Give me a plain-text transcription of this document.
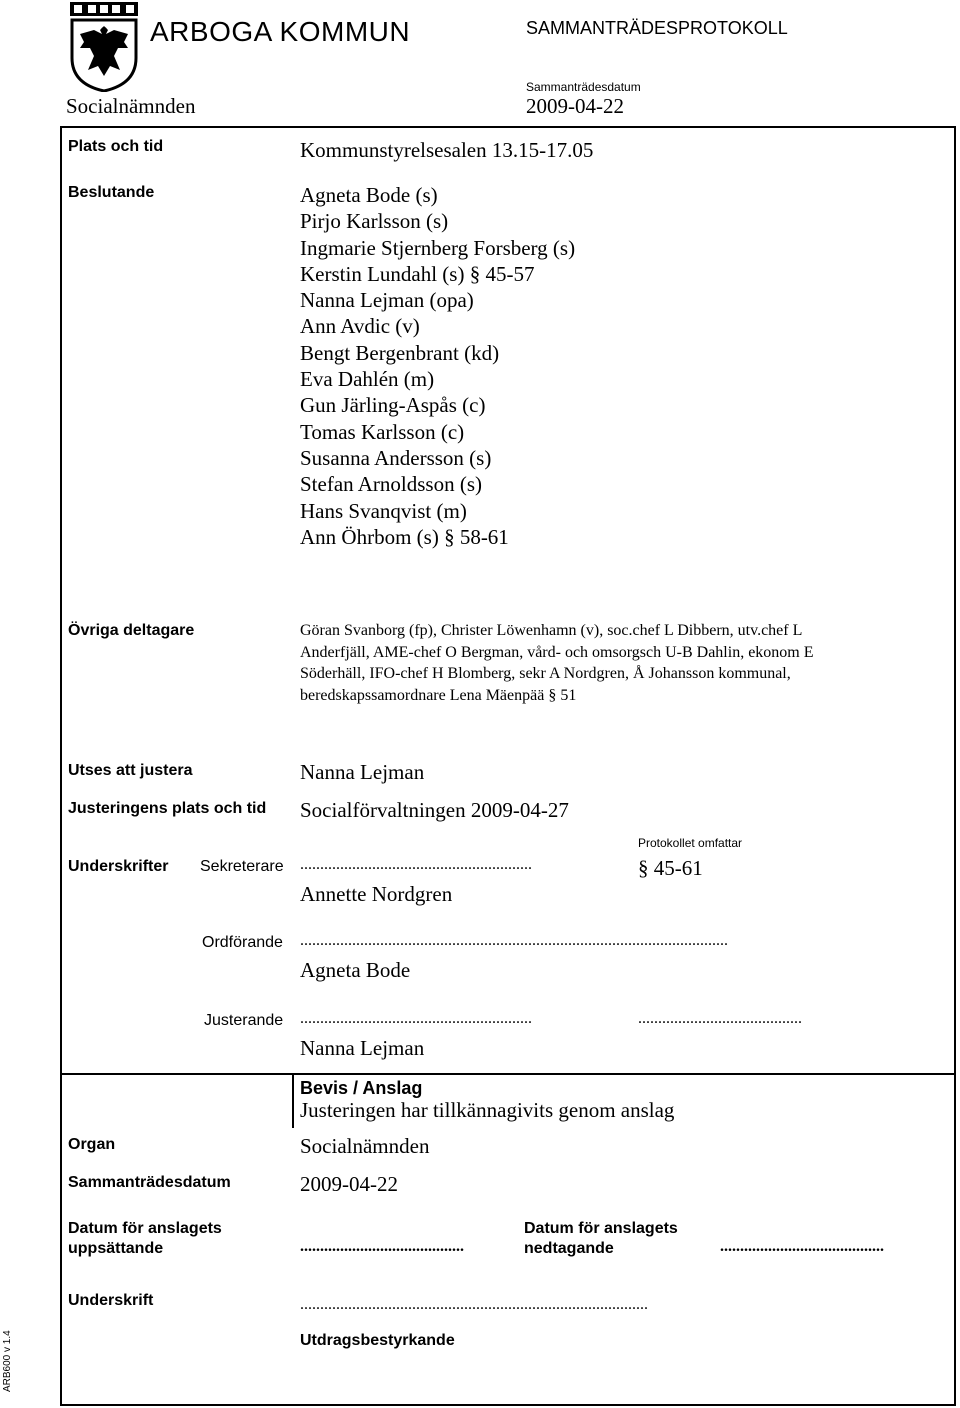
ARBOGA KOMMUN	SAMMANTRÄDESPROTOKOLL
Socialnämnden
Sammanträdesdatum
2009-04-22
Plats och tid	Kommunstyrelsesalen 13.15-17.05
Beslutande	Agneta Bode (s)
Pirjo Karlsson (s)
Ingmarie Stjernberg Forsberg (s)
Kerstin Lundahl (s) § 45-57
Nanna Lejman (opa)
Ann Avdic (v)
Bengt Bergenbrant (kd)
Eva Dahlén (m)
Gun Järling-Aspås (c)
Tomas Karlsson (c)
Susanna Andersson (s)
Stefan Arnoldsson (s)
Hans Svanqvist (m)
Ann Öhrbom (s) § 58-61
Övriga deltagare	Göran Svanborg (fp), Christer Löwenhamn (v), soc.chef L Dibbern, utv.chef L
Anderfjäll, AME-chef O Bergman, vård- och omsorgsch U-B Dahlin, ekonom E
Söderhäll, IFO-chef H Blomberg, sekr A Nordgren, Å Johansson kommunal,
beredskapssamordnare Lena Mäenpää § 51
Utses att justera	Nanna Lejman
Justeringens plats och tid Socialförvaltningen 2009-04-27
Protokollet omfattar
Underskrifter Sekreterare ..........................................................	§ 45-61
Annette Nordgren
Ordförande ...........................................................................................................
Agneta Bode
Justerande ..........................................................	.........................................
Nanna Lejman
Bevis / Anslag
Justeringen har tillkännagivits genom anslag
Organ	Socialnämnden
Sammanträdesdatum	2009-04-22
Datum för anslagets
uppsättande	.........................................
Datum för anslagets
nedtagande	.........................................
Underskrift	.......................................................................................
Utdragsbestyrkande
ARB600 v 1.4
